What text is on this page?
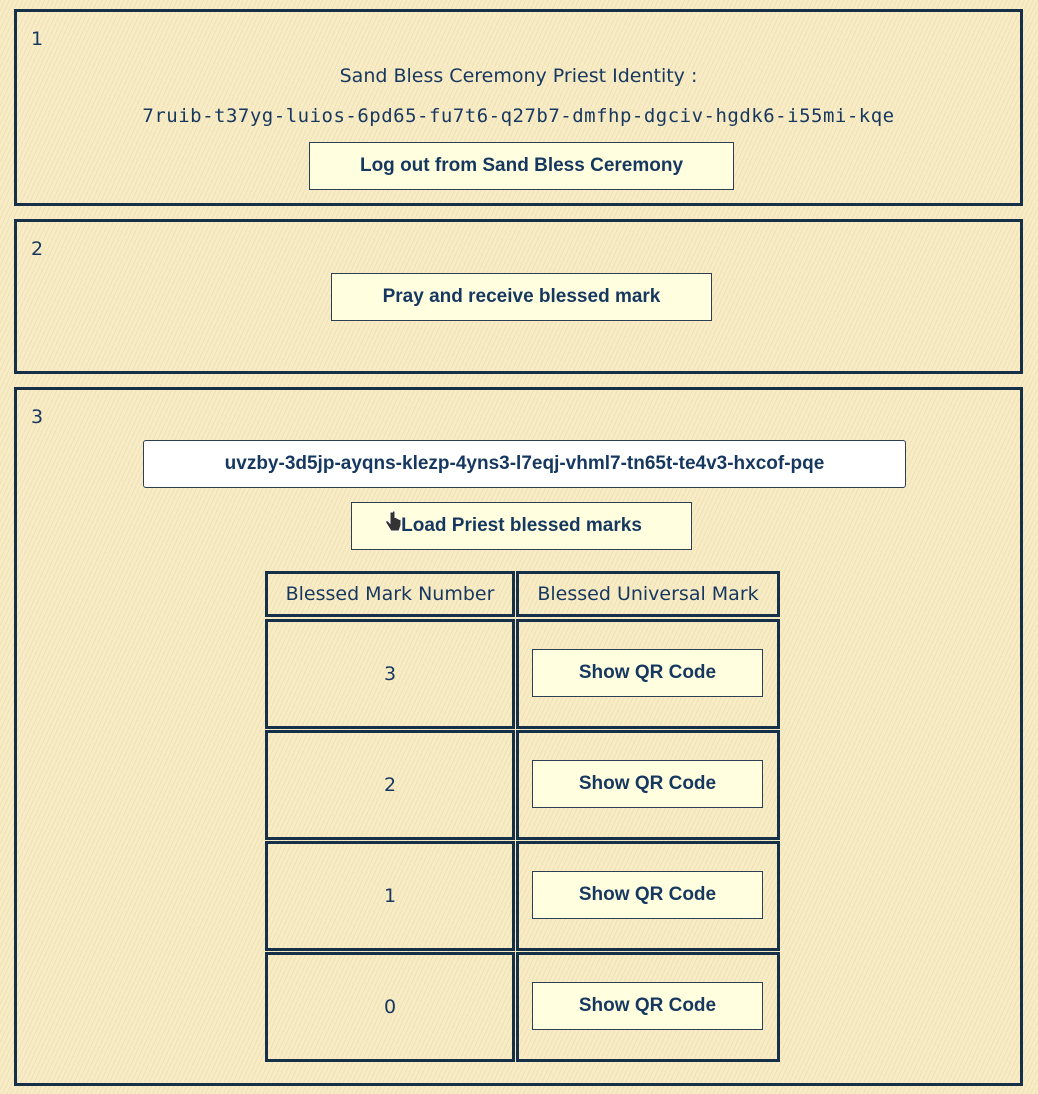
1
Sand Bless Ceremony Priest Identity :
7ruib-t37yg-luios-6pd65-fu7t6-q27b7-dmfhp-dgciv-hgdk6-i55mi-kqe
Log out from Sand Bless Ceremony
2
Pray and receive blessed mark
3
uvzby-3d5jp-ayqns-klezp-4yns3-l7eqj-vhml7-tn65t-te4v3-hxcof-pqe
Load Priest blessed marks
Blessed Mark Number	Blessed Universal Mark
3	Show QR Code
2	Show QR Code
1	Show QR Code
0	Show QR Code
